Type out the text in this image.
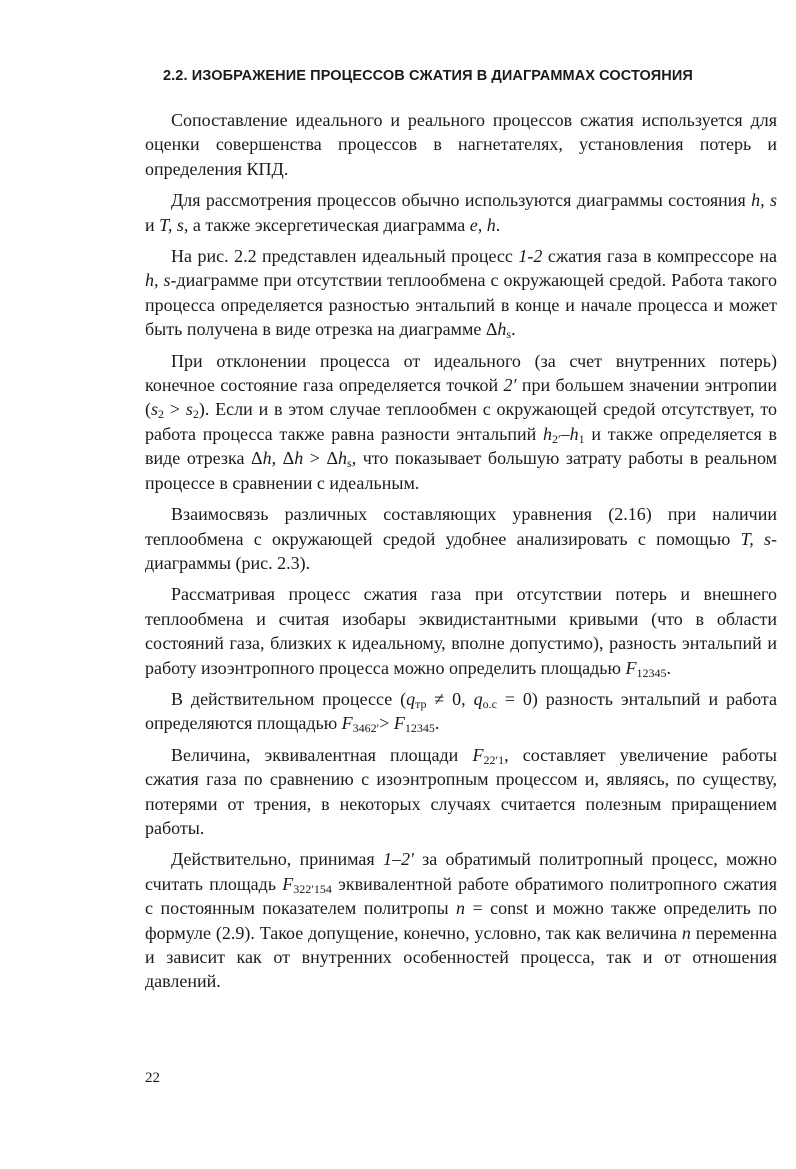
2.2. ИЗОБРАЖЕНИЕ ПРОЦЕССОВ СЖАТИЯ В ДИАГРАММАХ СОСТОЯНИЯ

Сопоставление идеального и реального процессов сжатия используется для оценки совершенства процессов в нагнетателях, установления потерь и определения КПД.

Для рассмотрения процессов обычно используются диаграммы состояния h, s и T, s, а также эксергетическая диаграмма e, h.

На рис. 2.2 представлен идеальный процесс 1-2 сжатия газа в компрессоре на h, s-диаграмме при отсутствии теплообмена с окружающей средой. Работа такого процесса определяется разностью энтальпий в конце и начале процесса и может быть получена в виде отрезка на диаграмме $\Delta h_s$.

При отклонении процесса от идеального (за счет внутренних потерь) конечное состояние газа определяется точкой 2′ при большем значении энтропии $(s_2 > s_2)$. Если и в этом случае теплообмен с окружающей средой отсутствует, то работа процесса также равна разности энтальпий $h_{2'}-h_1$ и также определяется в виде отрезка Δh, $\Delta h > \Delta h_s$, что показывает большую затрату работы в реальном процессе в сравнении с идеальным.

Взаимосвязь различных составляющих уравнения (2.16) при наличии теплообмена с окружающей средой удобнее анализировать с помощью T, s-диаграммы (рис. 2.3).

Рассматривая процесс сжатия газа при отсутствии потерь и внешнего теплообмена и считая изобары эквидистантными кривыми (что в области состояний газа, близких к идеальному, вполне допустимо), разность энтальпий и работу изоэнтропного процесса можно определить площадью $F_{12345}$.

В действительном процессе ($q_{тр} \ne 0$, $q_{о.с} = 0$) разность энтальпий и работа определяются площадью $F_{3462'}> F_{12345}$.

Величина, эквивалентная площади $F_{22'1}$, составляет увеличение работы сжатия газа по сравнению с изоэнтропным процессом и, являясь, по существу, потерями от трения, в некоторых случаях считается полезным приращением работы.

Действительно, принимая 1–2′ за обратимый политропный процесс, можно считать площадь $F_{322'154}$ эквивалентной работе обратимого политропного сжатия с постоянным показателем политропы n = const и можно также определить по формуле (2.9). Такое допущение, конечно, условно, так как величина n переменна и зависит как от внутренних особенностей процесса, так и от отношения давлений.

22
